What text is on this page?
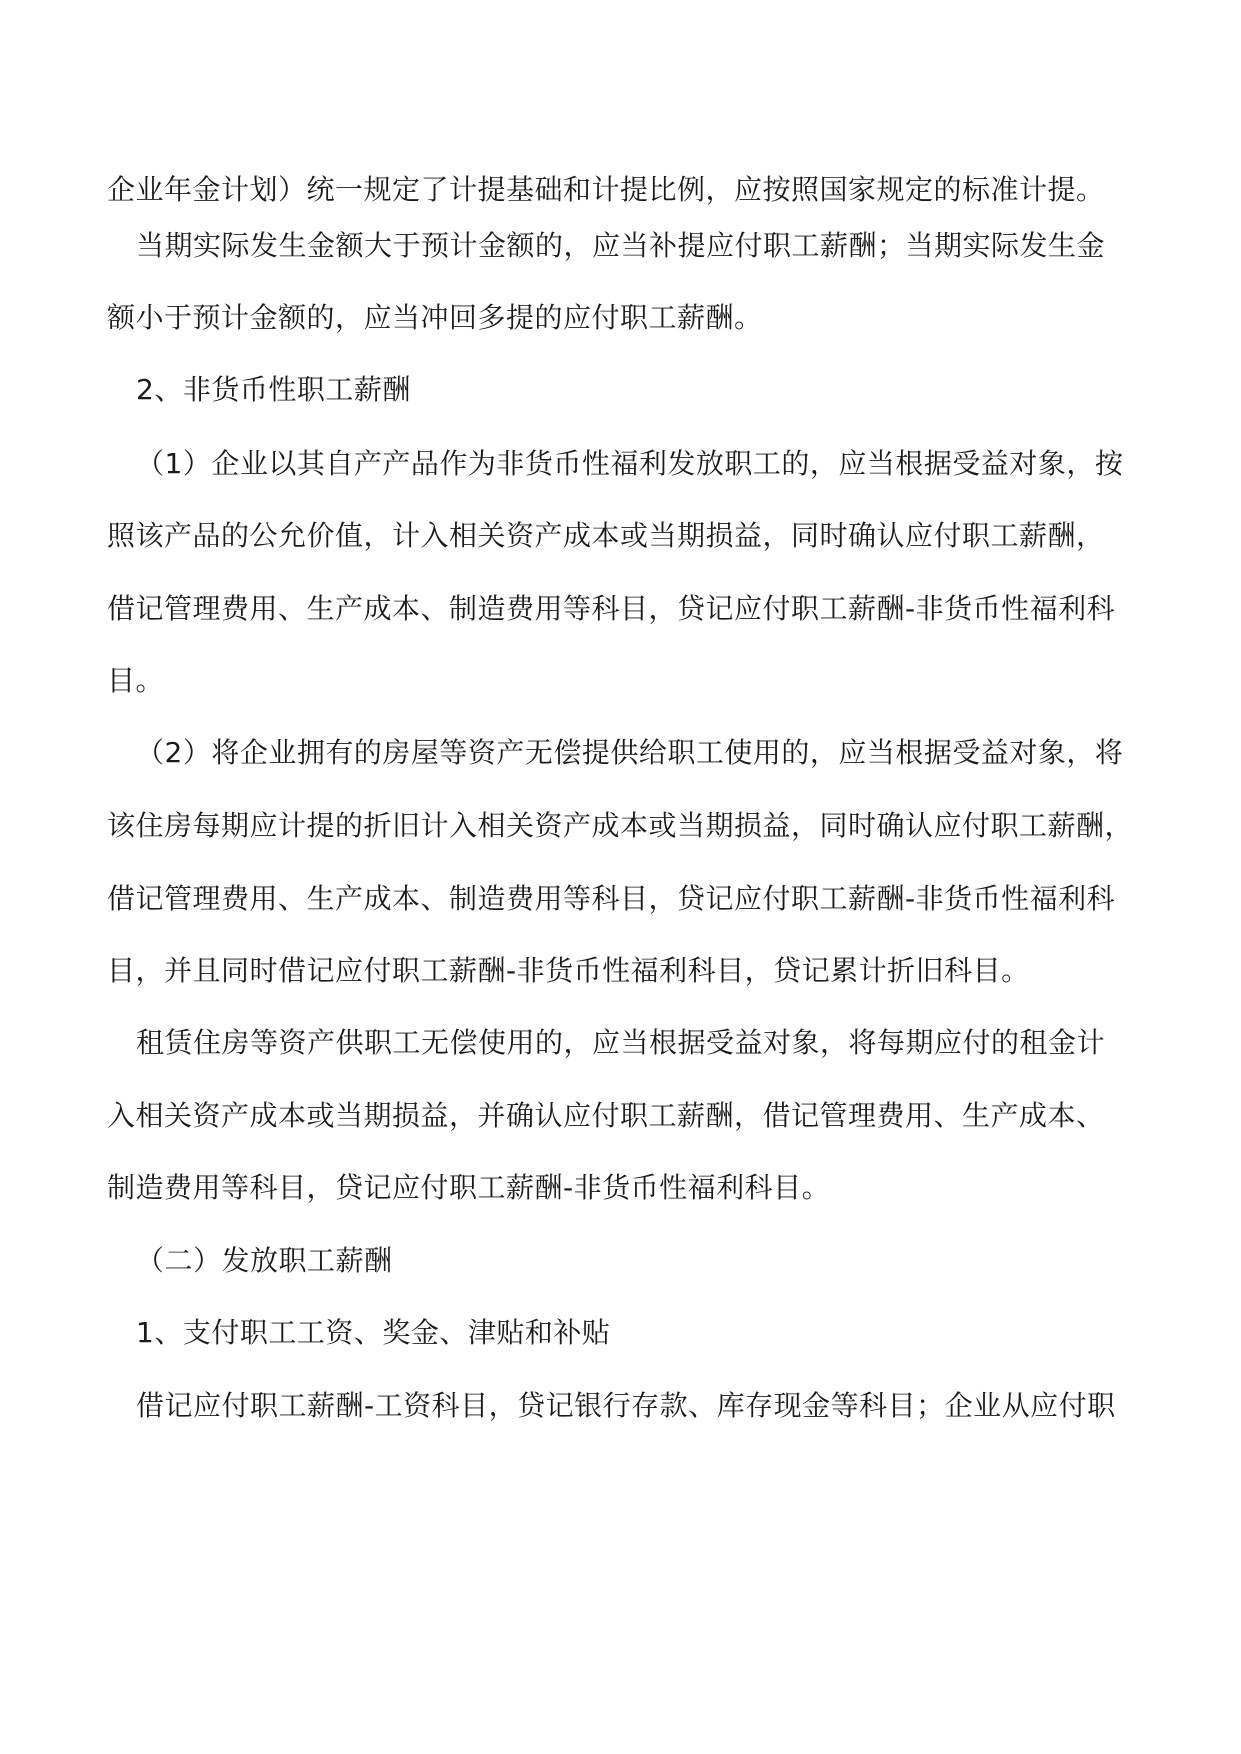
企业年金计划）统一规定了计提基础和计提比例，应按照国家规定的标准计提。
当期实际发生金额大于预计金额的，应当补提应付职工薪酬；当期实际发生金
额小于预计金额的，应当冲回多提的应付职工薪酬。
2、非货币性职工薪酬
（1）企业以其自产产品作为非货币性福利发放职工的，应当根据受益对象，按
照该产品的公允价值，计入相关资产成本或当期损益，同时确认应付职工薪酬，
借记管理费用、生产成本、制造费用等科目，贷记应付职工薪酬-非货币性福利科
目。
（2）将企业拥有的房屋等资产无偿提供给职工使用的，应当根据受益对象，将
该住房每期应计提的折旧计入相关资产成本或当期损益，同时确认应付职工薪酬，
借记管理费用、生产成本、制造费用等科目，贷记应付职工薪酬-非货币性福利科
目，并且同时借记应付职工薪酬-非货币性福利科目，贷记累计折旧科目。
租赁住房等资产供职工无偿使用的，应当根据受益对象，将每期应付的租金计
入相关资产成本或当期损益，并确认应付职工薪酬，借记管理费用、生产成本、
制造费用等科目，贷记应付职工薪酬-非货币性福利科目。
（二）发放职工薪酬
1、支付职工工资、奖金、津贴和补贴
借记应付职工薪酬-工资科目，贷记银行存款、库存现金等科目；企业从应付职
